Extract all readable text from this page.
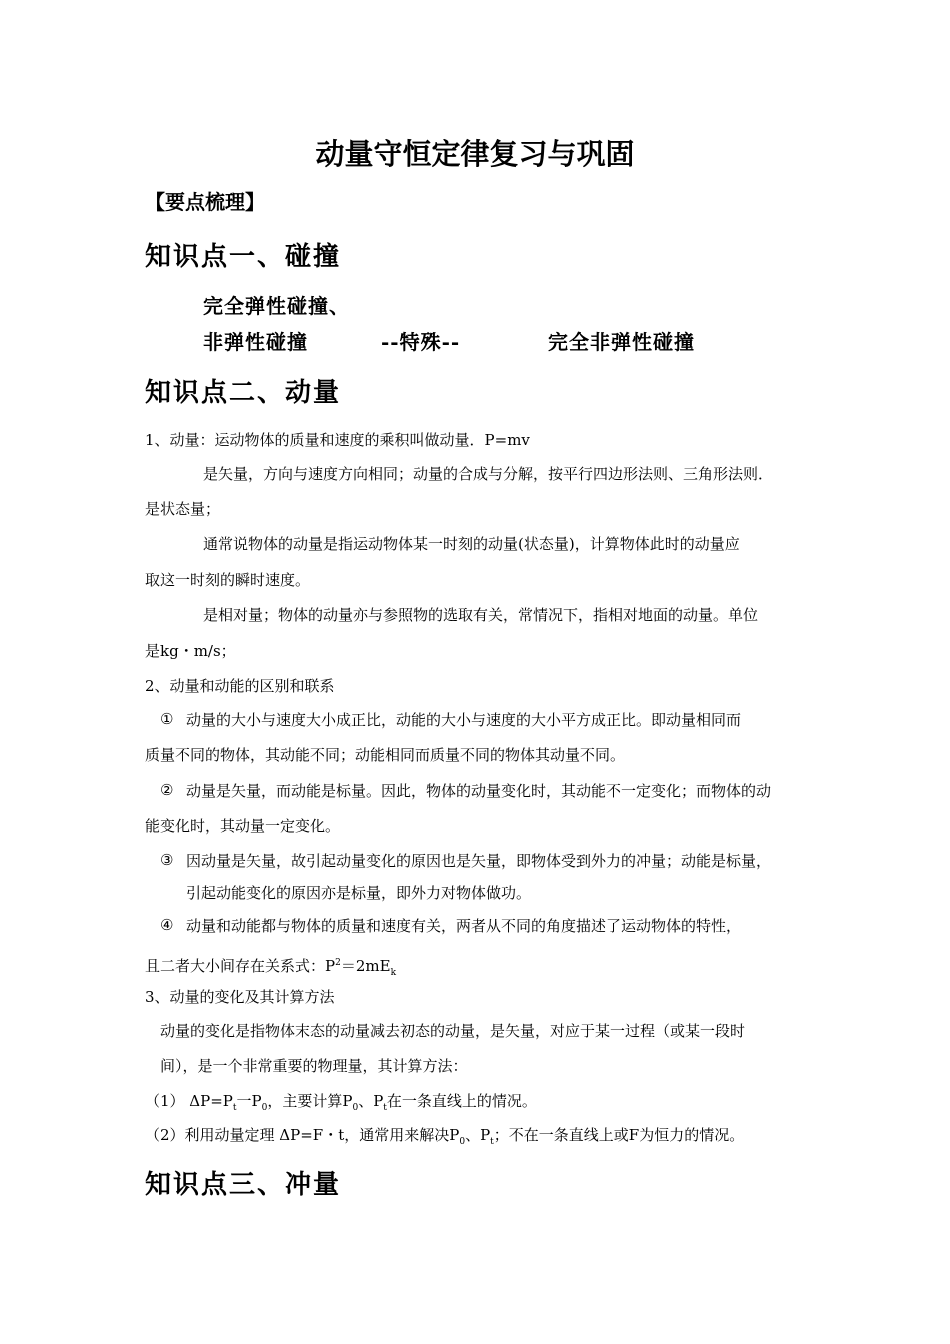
动量守恒定律复习与巩固
【要点梳理】
知识点一、碰撞
完全弹性碰撞、
非弹性碰撞	--特殊--	完全非弹性碰撞
知识点二、动量
1、动量：运动物体的质量和速度的乘积叫做动量．P=mv
是矢量，方向与速度方向相同；动量的合成与分解，按平行四边形法则、三角形法则．
是状态量；
通常说物体的动量是指运动物体某一时刻的动量(状态量)，计算物体此时的动量应
取这一时刻的瞬时速度。
是相对量；物体的动量亦与参照物的选取有关，常情况下，指相对地面的动量。单位
是kg・m/s；
2、动量和动能的区别和联系
① 动量的大小与速度大小成正比，动能的大小与速度的大小平方成正比。即动量相同而
质量不同的物体，其动能不同；动能相同而质量不同的物体其动量不同。
② 动量是矢量，而动能是标量。因此，物体的动量变化时，其动能不一定变化；而物体的动
能变化时，其动量一定变化。
③ 因动量是矢量，故引起动量变化的原因也是矢量，即物体受到外力的冲量；动能是标量，
引起动能变化的原因亦是标量，即外力对物体做功。
④ 动量和动能都与物体的质量和速度有关，两者从不同的角度描述了运动物体的特性，
且二者大小间存在关系式：$P^2=2mE_k$
3、动量的变化及其计算方法
动量的变化是指物体末态的动量减去初态的动量，是矢量，对应于某一过程（或某一段时
间），是一个非常重要的物理量，其计算方法：
（1） $\Delta P=P_t$一$P_0$，主要计算$P_0$、$P_t$在一条直线上的情况。
（2）利用动量定理 ΔP=F・t，通常用来解决$P_0$、$P_t$；不在一条直线上或F为恒力的情况。
知识点三、冲量
